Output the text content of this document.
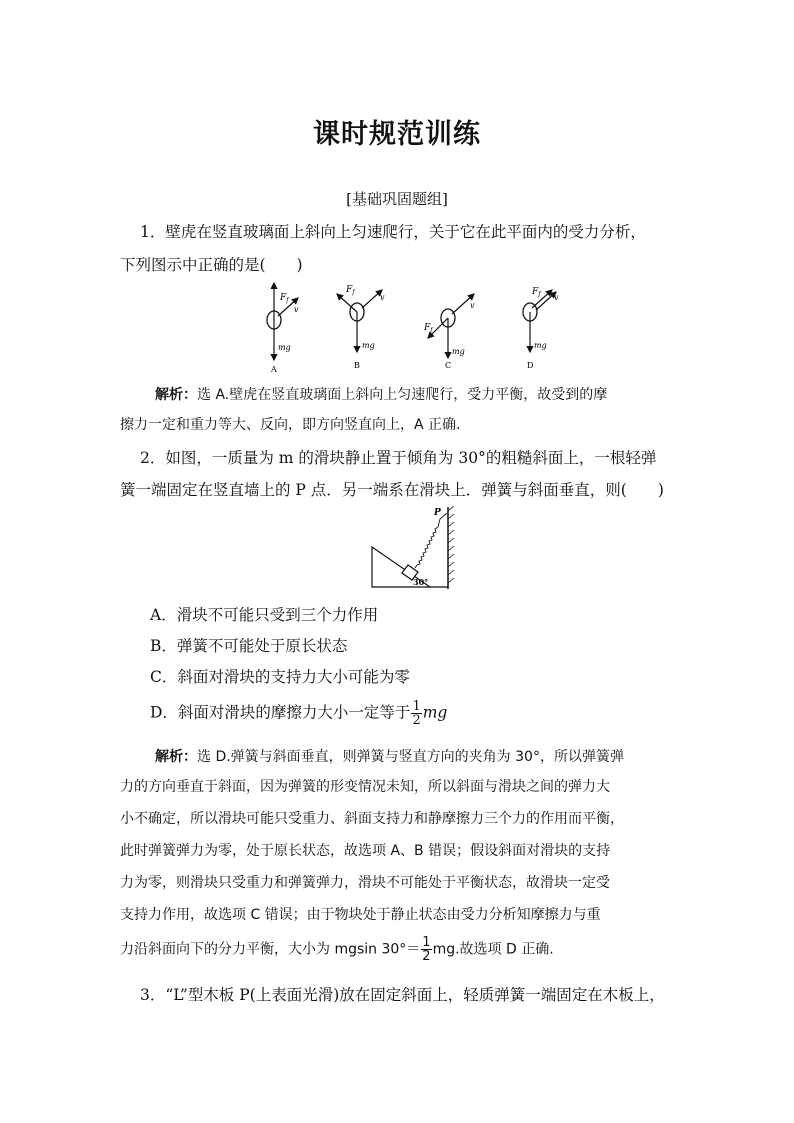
课时规范训练
[基础巩固题组]
1．壁虎在竖直玻璃面上斜向上匀速爬行，关于它在此平面内的受力分析，
下列图示中正确的是(　　)
$F_f$
v
mg
A
$F_f$
v
mg
B
$F_f$
v
mg
C
$F_f$ v
mg
D
解析：选 A.壁虎在竖直玻璃面上斜向上匀速爬行，受力平衡，故受到的摩
擦力一定和重力等大、反向，即方向竖直向上，A 正确.
2．如图，一质量为 m 的滑块静止置于倾角为 30°的粗糙斜面上，一根轻弹
簧一端固定在竖直墙上的 P 点．另一端系在滑块上．弹簧与斜面垂直，则(　　)
P
30°
A．滑块不可能只受到三个力作用
B．弹簧不可能处于原长状态
C．斜面对滑块的支持力大小可能为零
D．斜面对滑块的摩擦力大小一定等于 $\frac{1}{2}$ mg
解析：选 D.弹簧与斜面垂直，则弹簧与竖直方向的夹角为 30°，所以弹簧弹
力的方向垂直于斜面，因为弹簧的形变情况未知，所以斜面与滑块之间的弹力大
小不确定，所以滑块可能只受重力、斜面支持力和静摩擦力三个力的作用而平衡，
此时弹簧弹力为零，处于原长状态，故选项 A、B 错误；假设斜面对滑块的支持
力为零，则滑块只受重力和弹簧弹力，滑块不可能处于平衡状态，故滑块一定受
支持力作用，故选项 C 错误；由于物块处于静止状态由受力分析知摩擦力与重
力沿斜面向下的分力平衡，大小为 mgsin $30^\circ= \frac{1}{2}$ mg.故选项 D 正确.
3．“L”型木板 P(上表面光滑)放在固定斜面上，轻质弹簧一端固定在木板上，
